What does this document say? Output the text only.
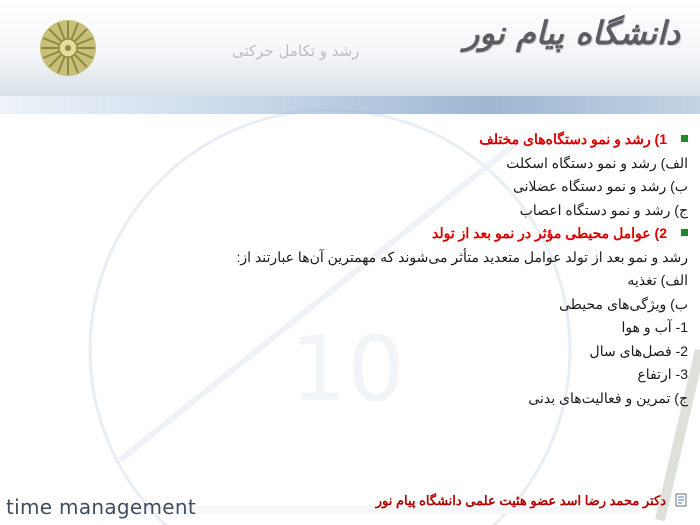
رشد و تکامل حرکتی	دانشگاه پیام نور
10
1) رشد و نمو دستگاه‌های مختلف
الف) رشد و نمو دستگاه اسکلت
ب) رشد و نمو دستگاه عضلانی
ج) رشد و نمو دستگاه اعصاب
2) عوامل محیطی مؤثر در نمو بعد از تولد
رشد و نمو بعد از تولد عوامل متعدید متأثر می‌شوند که مهمترین آن‌ها عبارتند از:
الف) تغذیه
ب) ویژگی‌های محیطی
1- آب و هوا
2- فصل‌های سال
3- ارتفاع
ج) تمرین و فعالیت‌های بدنی
time management	دکتر محمد رضا اسد عضو هئیت علمی دانشگاه پیام نور
